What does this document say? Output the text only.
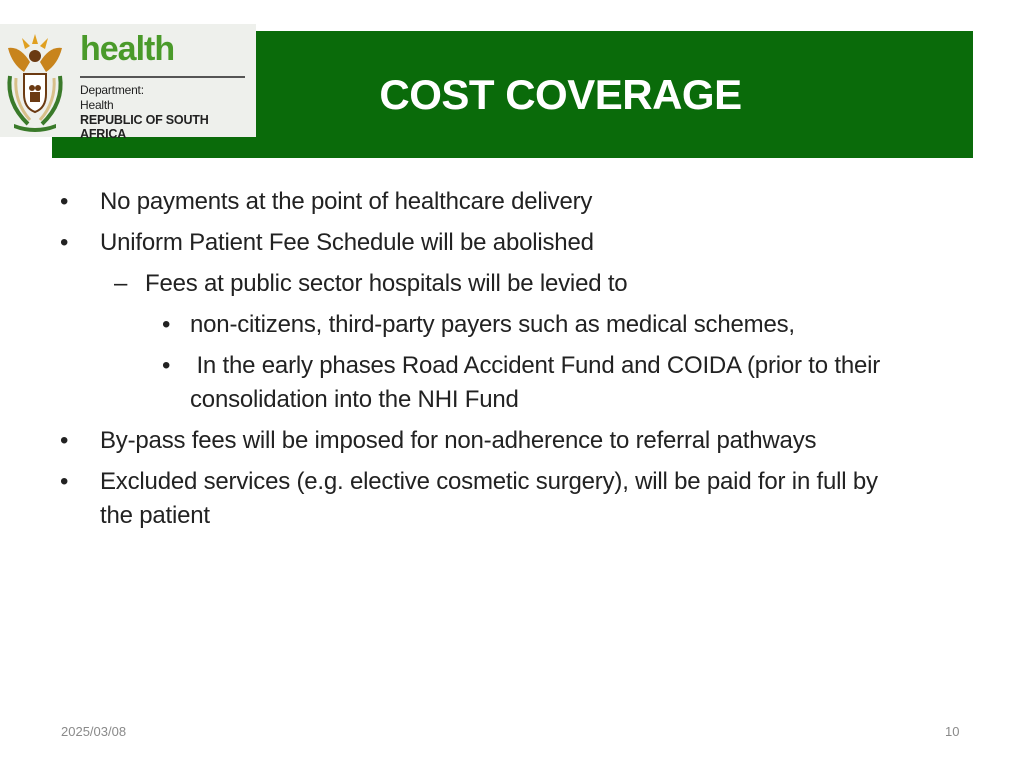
health
Department:
Health
REPUBLIC OF SOUTH AFRICA
COST COVERAGE
• No payments at the point of healthcare delivery
• Uniform Patient Fee Schedule will be abolished
– Fees at public sector hospitals will be levied to
• non-citizens, third-party payers such as medical schemes,
• In the early phases Road Accident Fund and COIDA (prior to their
consolidation into the NHI Fund
• By-pass fees will be imposed for non-adherence to referral pathways
• Excluded services (e.g. elective cosmetic surgery), will be paid for in full by
the patient
2025/03/08	10
